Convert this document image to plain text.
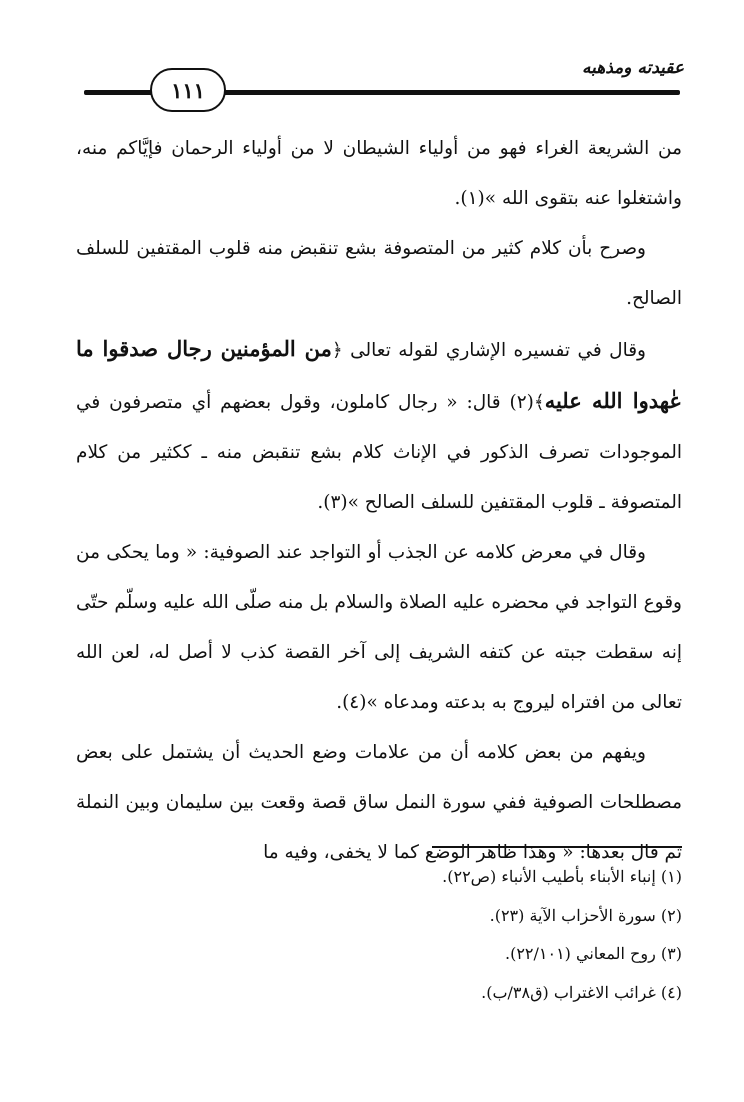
عقيدته ومذهبه
١١١

من الشريعة الغراء فهو من أولياء الشيطان لا من أولياء الرحمان فإيَّاكم منه، واشتغلوا عنه بتقوى الله »(١).

وصرح بأن كلام كثير من المتصوفة بشع تنقبض منه قلوب المقتفين للسلف الصالح.

وقال في تفسيره الإشاري لقوله تعالى ﴿من المؤمنين رجال صدقوا ما عٰهدوا الله عليه﴾(٢) قال: « رجال كاملون، وقول بعضهم أي متصرفون في الموجودات تصرف الذكور في الإناث كلام بشع تنقبض منه ـ ككثير من كلام المتصوفة ـ قلوب المقتفين للسلف الصالح »(٣).

وقال في معرض كلامه عن الجذب أو التواجد عند الصوفية: « وما يحكى من وقوع التواجد في محضره عليه الصلاة والسلام بل منه صلّى الله عليه وسلّم حتّى إنه سقطت جبته عن كتفه الشريف إلى آخر القصة كذب لا أصل له، لعن الله تعالى من افتراه ليروج به بدعته ومدعاه »(٤).

ويفهم من بعض كلامه أن من علامات وضع الحديث أن يشتمل على بعض مصطلحات الصوفية ففي سورة النمل ساق قصة وقعت بين سليمان وبين النملة ثم قال بعدها: « وهذا ظاهر الوضع كما لا يخفى، وفيه ما

(١) إنباء الأبناء بأطيب الأنباء (ص٢٢).
(٢) سورة الأحزاب الآية (٢٣).
(٣) روح المعاني (٢٢/١٠١).
(٤) غرائب الاغتراب (ق٣٨/ب).
